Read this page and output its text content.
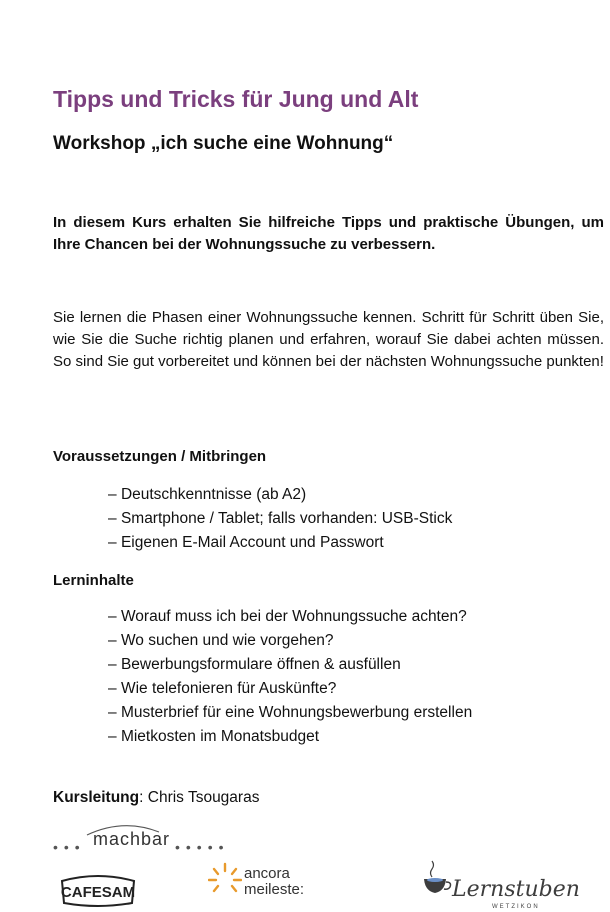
Tipps und Tricks für Jung und Alt
Workshop „ich suche eine Wohnung“
In diesem Kurs erhalten Sie hilfreiche Tipps und praktische Übungen, um Ihre Chancen bei der Wohnungssuche zu verbessern.
Sie lernen die Phasen einer Wohnungssuche kennen. Schritt für Schritt üben Sie, wie Sie die Suche richtig planen und erfahren, worauf Sie dabei achten müssen. So sind Sie gut vorbereitet und können bei der nächsten Wohnungssuche punkten!
Voraussetzungen / Mitbringen
– Deutschkenntnisse (ab A2)
– Smartphone / Tablet; falls vorhanden: USB-Stick
– Eigenen E-Mail Account und Passwort
Lerninhalte
– Worauf muss ich bei der Wohnungssuche achten?
– Wo suchen und wie vorgehen?
– Bewerbungsformulare öffnen & ausfüllen
– Wie telefonieren für Auskünfte?
– Musterbrief für eine Wohnungsbewerbung erstellen
– Mietkosten im Monatsbudget
Kursleitung: Chris Tsougaras
••• machbar •••••
CAFESAM
ancora meileste:	Lernstuben
WETZIKON
